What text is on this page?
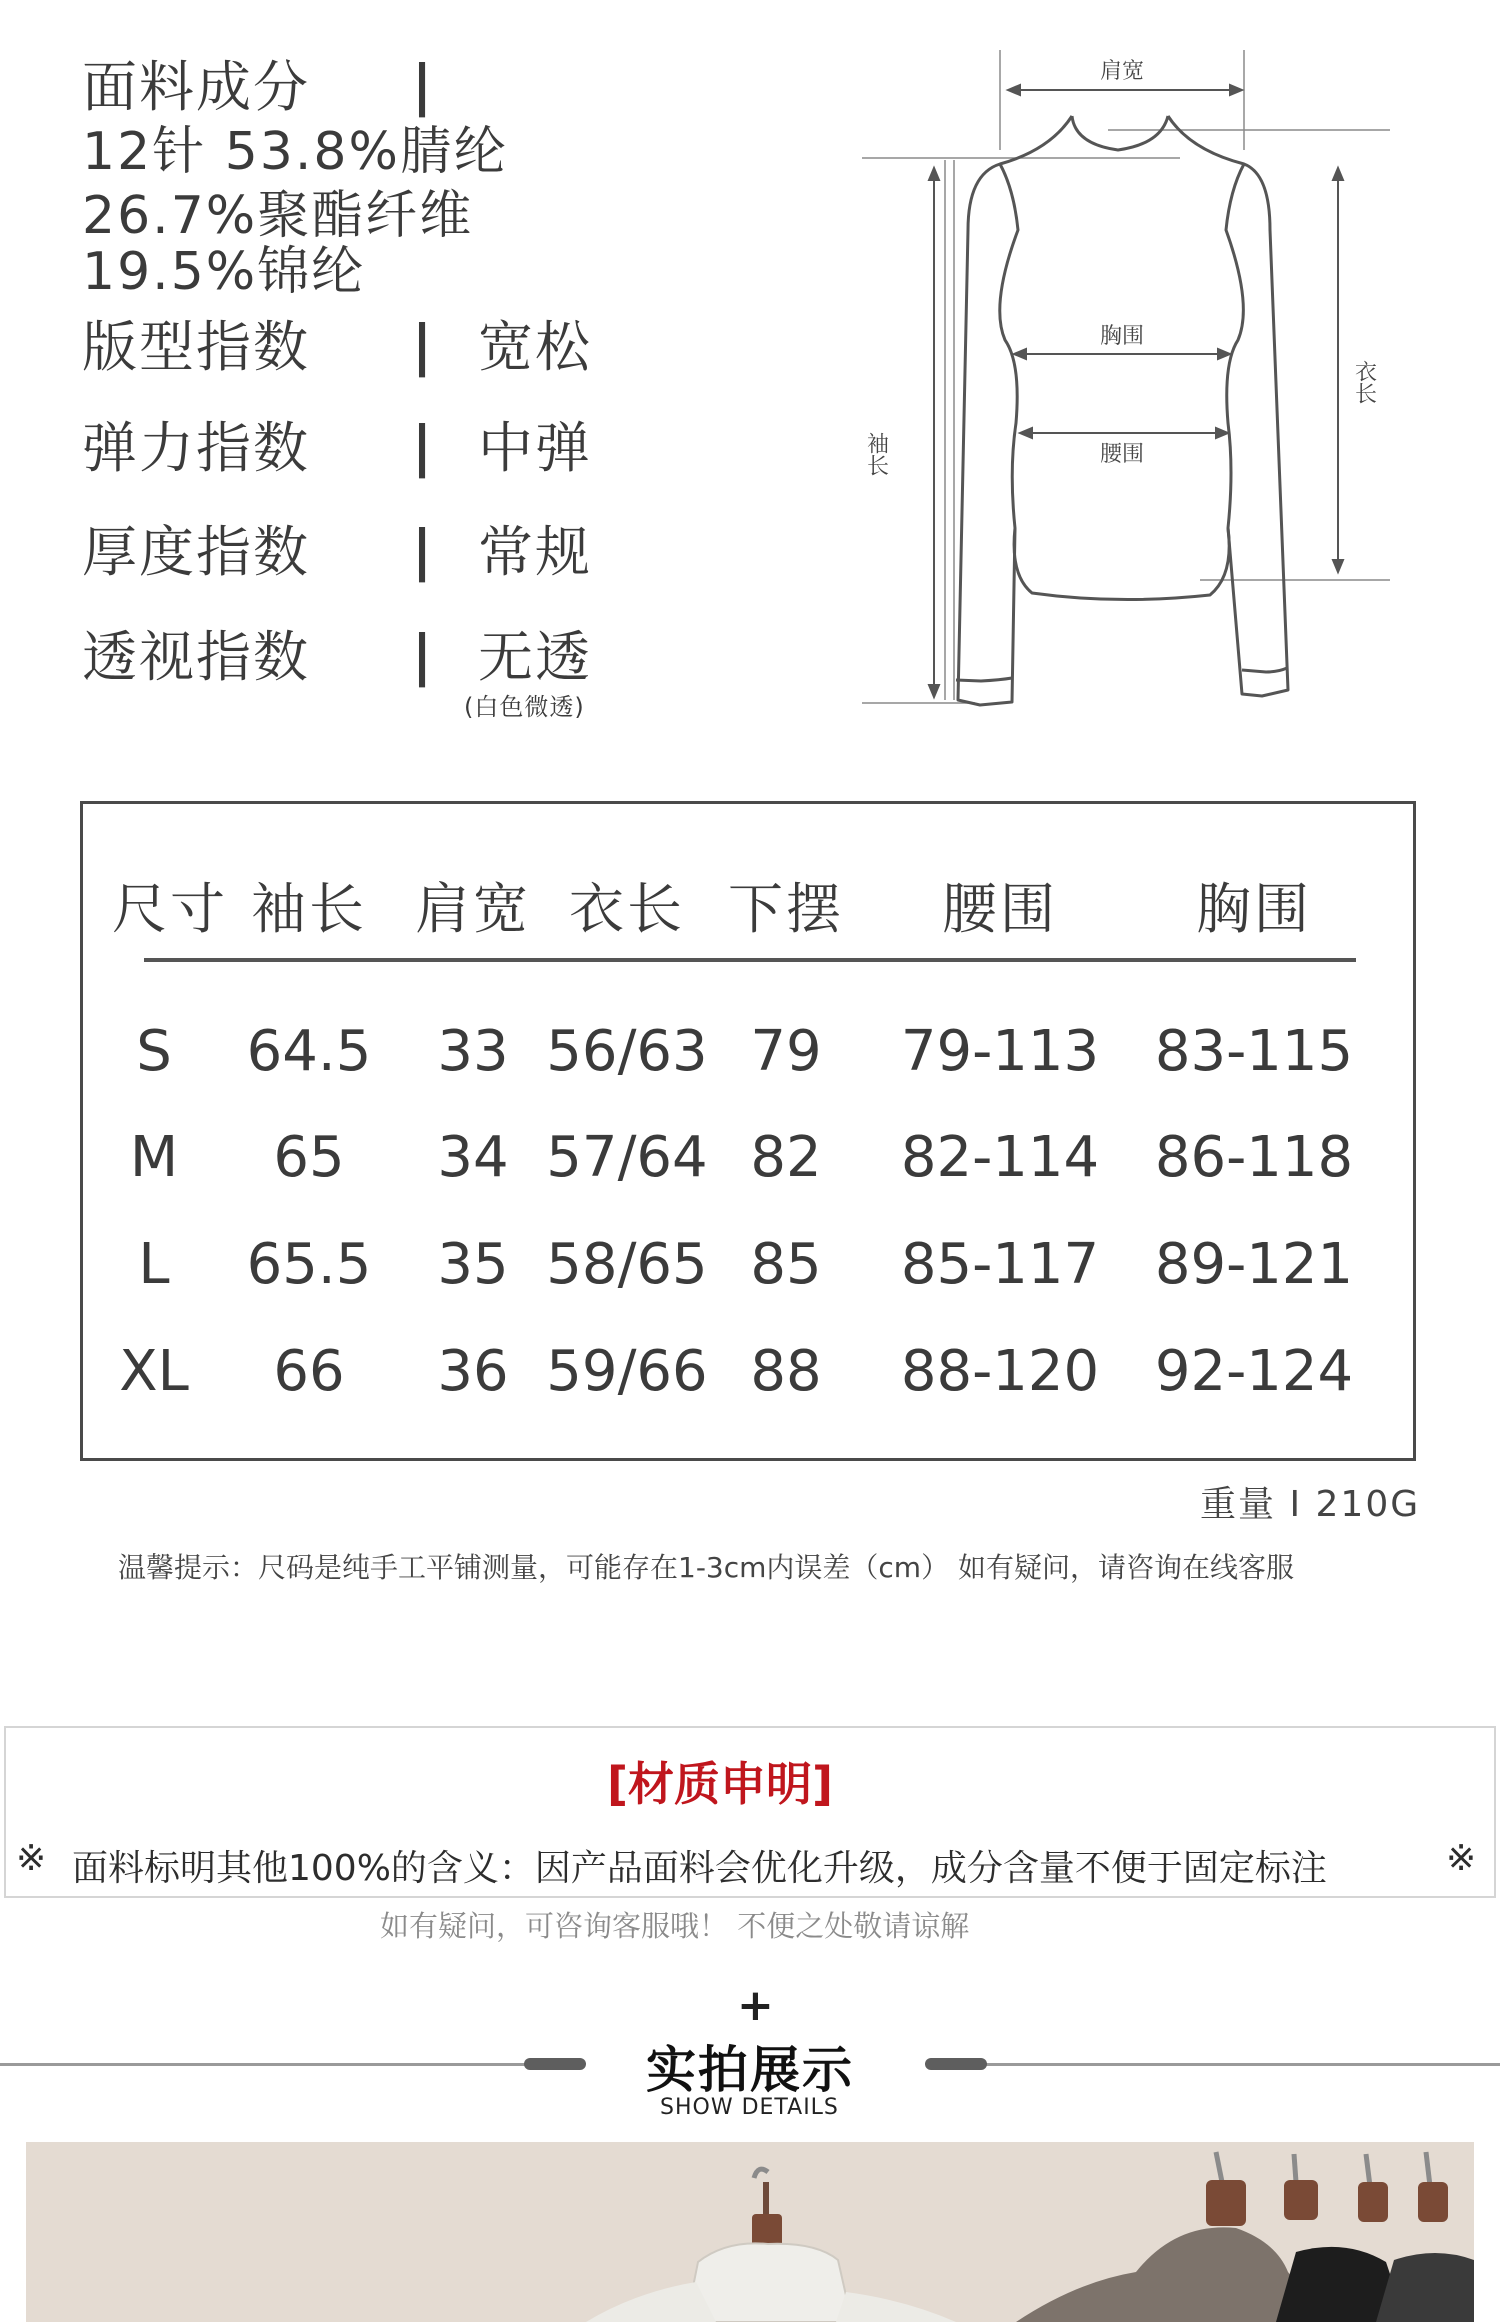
面料成分 |
12针 53.8%腈纶
26.7%聚酯纤维
19.5%锦纶
版型指数 | 宽松
弹力指数 | 中弹
厚度指数 | 常规
透视指数 | 无透
(白色微透)
肩宽
胸围
腰围
袖长
衣长
尺寸 袖长 肩宽 衣长 下摆 腰围	胸围
S 64.5 33 56/63 79 79-113 83-115
M 65 34 57/64 82 82-114 86-118
L 65.5 35 58/65 85 85-117 89-121
XL 66 36 59/66 88 88-120 92-124
重量 I 210G
温馨提示：尺码是纯手工平铺测量，可能存在1-3cm内误差（cm） 如有疑问，请咨询在线客服
[材质申明]
※ 面料标明其他100%的含义：因产品面料会优化升级，成分含量不便于固定标注	※
如有疑问，可咨询客服哦！ 不便之处敬请谅解
+
实拍展示
SHOW DETAILS
